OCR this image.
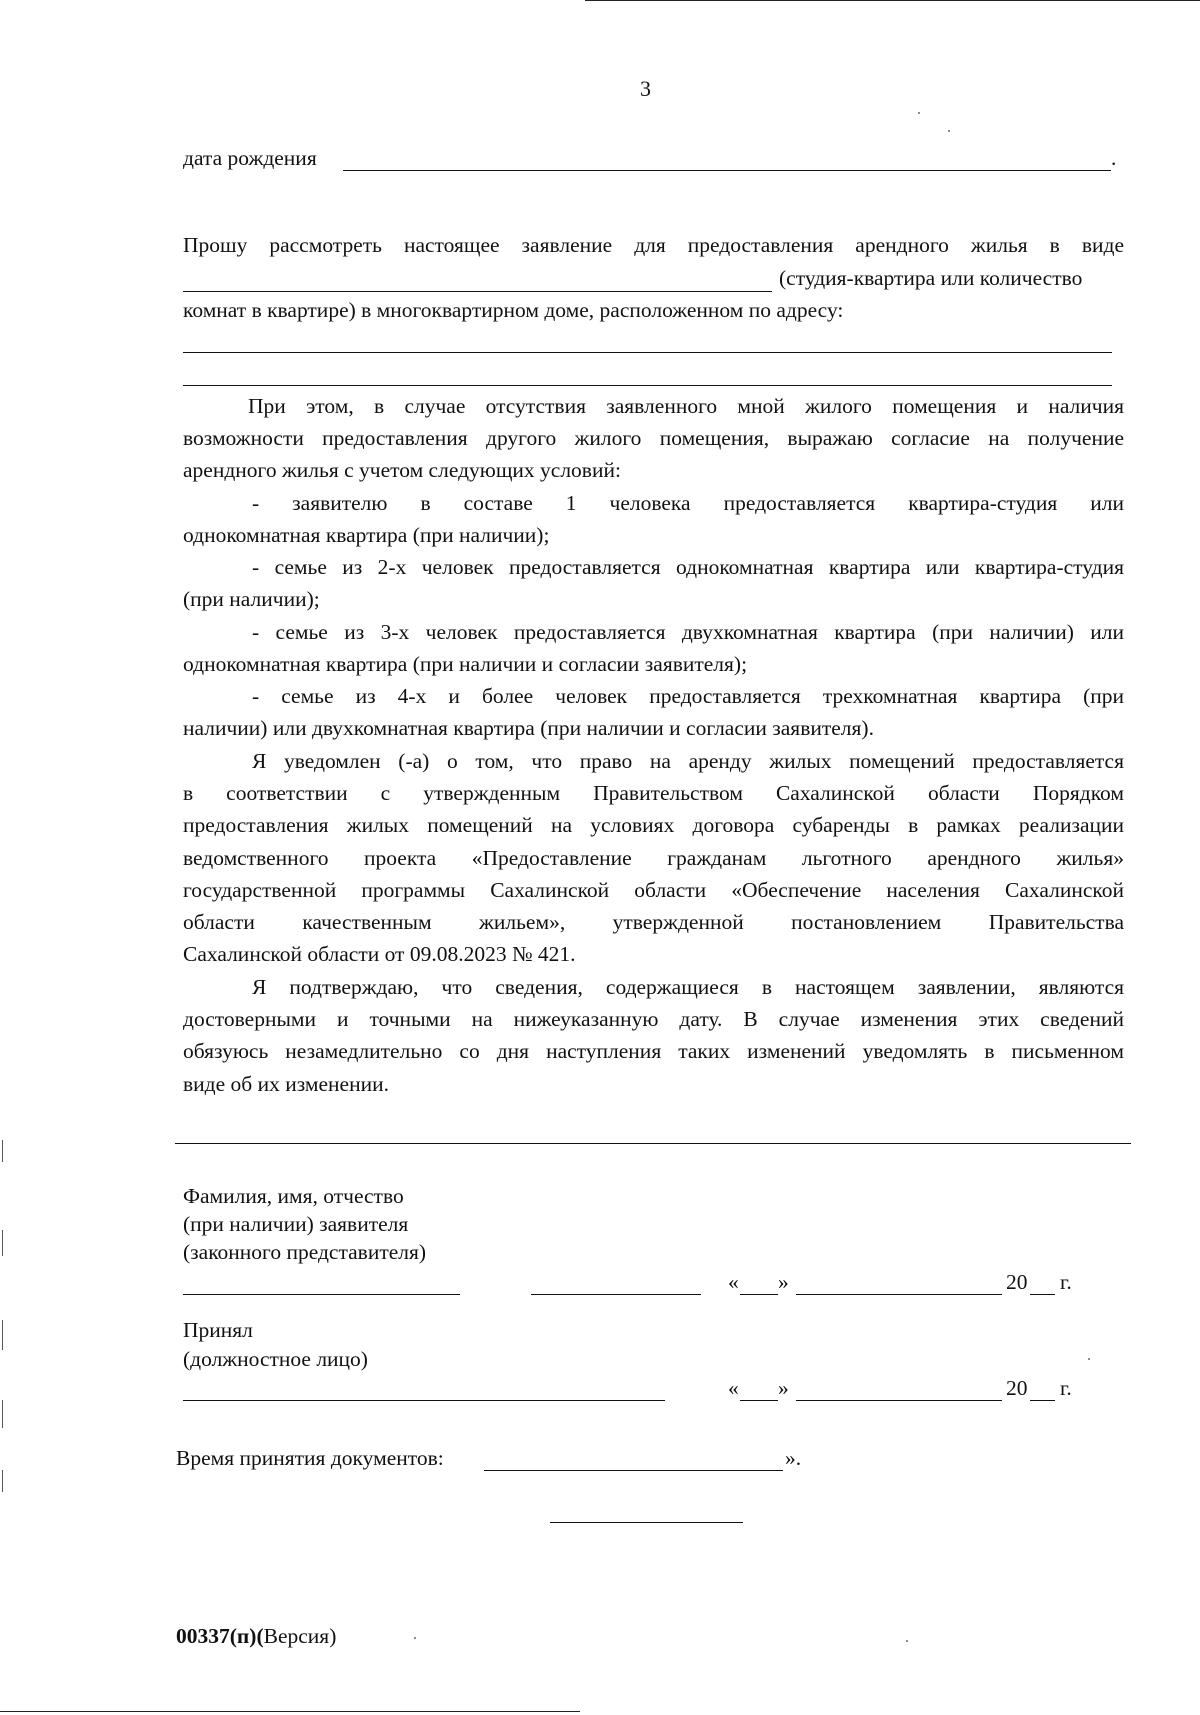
3
дата рождения	.
Прошу рассмотреть настоящее заявление для предоставления арендного жилья в виде
(студия-квартира или количество
комнат в квартире) в многоквартирном доме, расположенном по адресу:
При этом, в случае отсутствия заявленного мной жилого помещения и наличия
возможности предоставления другого жилого помещения, выражаю согласие на получение
арендного жилья с учетом следующих условий:
- заявителю в составе 1 человека предоставляется квартира-студия или
однокомнатная квартира (при наличии);
- семье из 2-х человек предоставляется однокомнатная квартира или квартира-студия
(при наличии);
- семье из 3-х человек предоставляется двухкомнатная квартира (при наличии) или
однокомнатная квартира (при наличии и согласии заявителя);
- семье из 4-х и более человек предоставляется трехкомнатная квартира (при
наличии) или двухкомнатная квартира (при наличии и согласии заявителя).
Я уведомлен (-а) о том, что право на аренду жилых помещений предоставляется
в соответствии с утвержденным Правительством Сахалинской области Порядком
предоставления жилых помещений на условиях договора субаренды в рамках реализации
ведомственного проекта «Предоставление гражданам льготного арендного жилья»
государственной программы Сахалинской области «Обеспечение населения Сахалинской
области качественным жильем», утвержденной постановлением Правительства
Сахалинской области от 09.08.2023 № 421.
Я подтверждаю, что сведения, содержащиеся в настоящем заявлении, являются
достоверными и точными на нижеуказанную дату. В случае изменения этих сведений
обязуюсь незамедлительно со дня наступления таких изменений уведомлять в письменном
виде об их изменении.
Фамилия, имя, отчество
(при наличии) заявителя
(законного представителя)
« »	20 г.
Принял
(должностное лицо)
« »	20 г.
Время принятия документов:	».
00337(п)(Версия)
